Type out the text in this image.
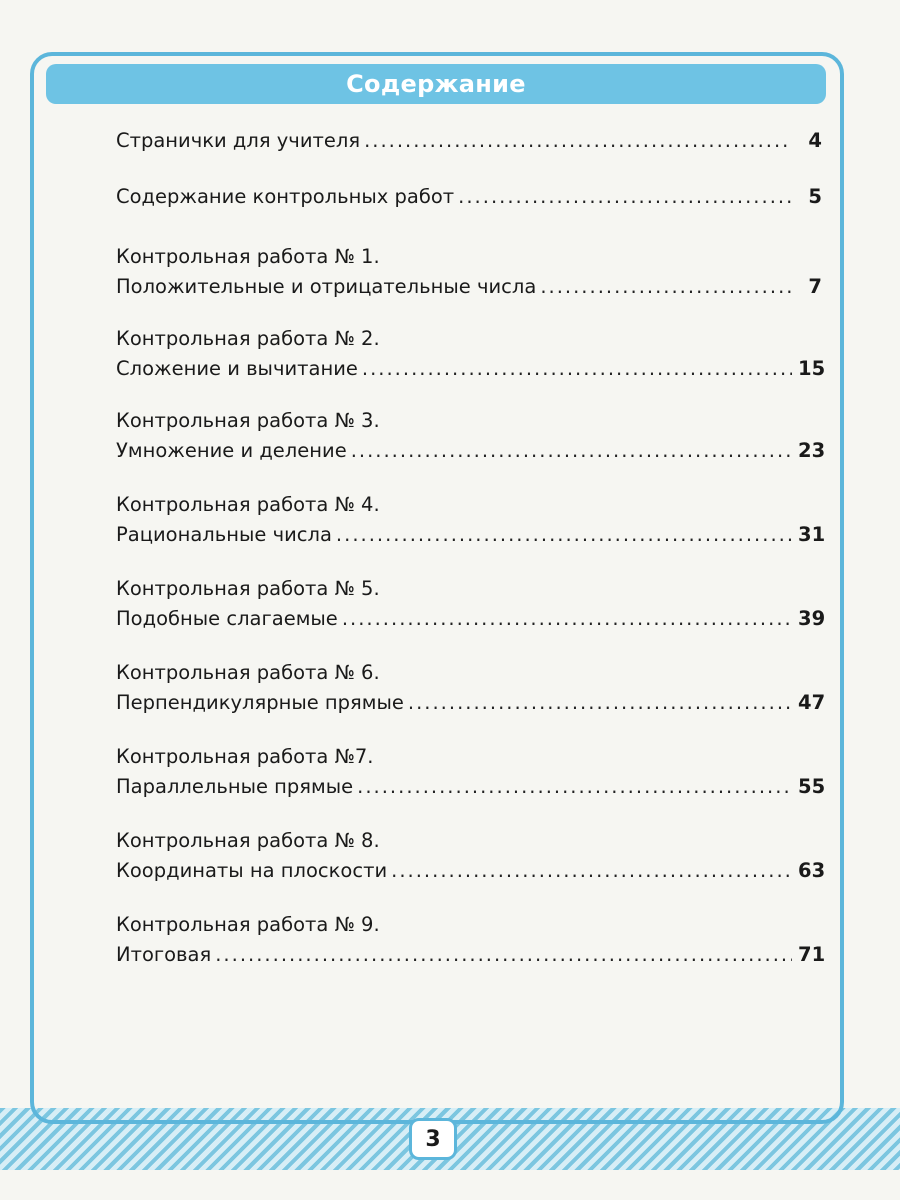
Содержание
Странички для учителя .....	4
Содержание контрольных работ .....	5
Контрольная работа № 1.
Положительные и отрицательные числа .....	7
Контрольная работа № 2.
Сложение и вычитание .....	15
Контрольная работа № 3.
Умножение и деление .....	23
Контрольная работа № 4.
Рациональные числа .....	31
Контрольная работа № 5.
Подобные слагаемые .....	39
Контрольная работа № 6.
Перпендикулярные прямые .....	47
Контрольная работа №7.
Параллельные прямые .....	55
Контрольная работа № 8.
Координаты на плоскости .....	63
Контрольная работа № 9.
Итоговая .....	71
3
